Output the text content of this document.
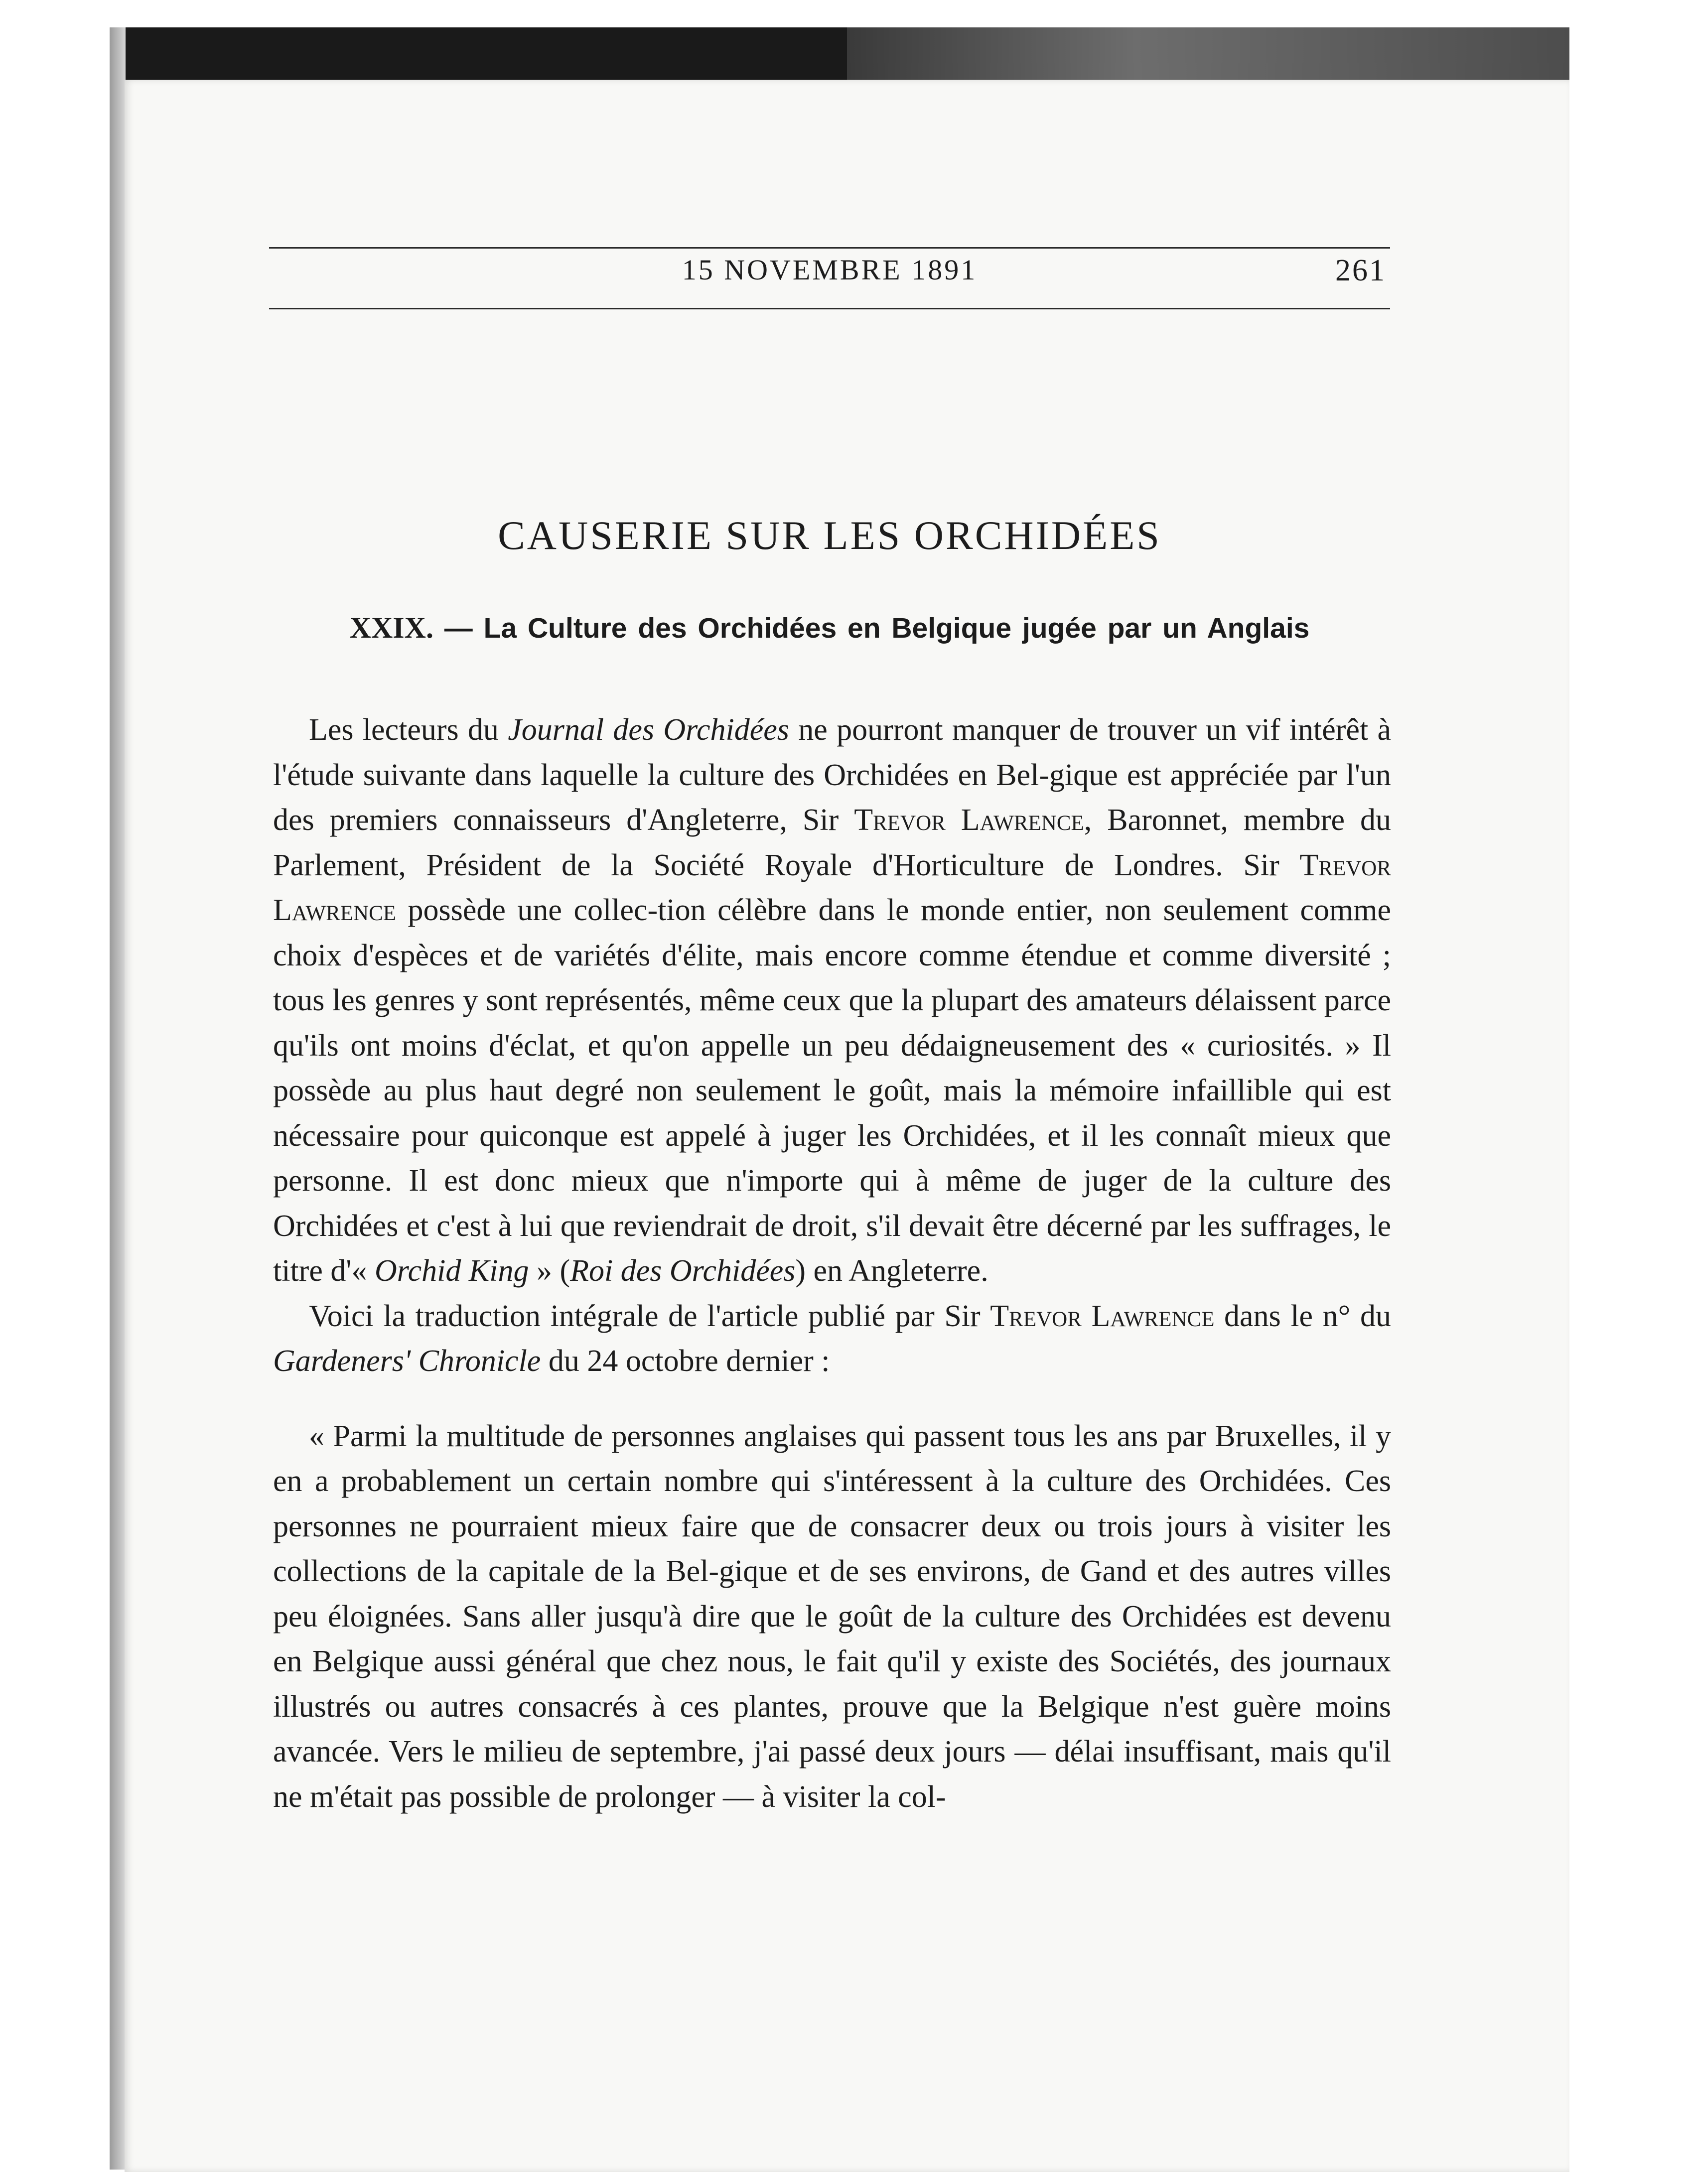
15 NOVEMBRE 1891	261
CAUSERIE SUR LES ORCHIDÉES
XXIX. — La Culture des Orchidées en Belgique jugée par un Anglais

Les lecteurs du Journal des Orchidées ne pourront manquer de trouver un vif intérêt à l'étude suivante dans laquelle la culture des Orchidées en Bel-gique est appréciée par l'un des premiers connaisseurs d'Angleterre, Sir Trevor Lawrence, Baronnet, membre du Parlement, Président de la Société Royale d'Horticulture de Londres. Sir Trevor Lawrence possède une collec-tion célèbre dans le monde entier, non seulement comme choix d'espèces et de variétés d'élite, mais encore comme étendue et comme diversité ; tous les genres y sont représentés, même ceux que la plupart des amateurs délaissent parce qu'ils ont moins d'éclat, et qu'on appelle un peu dédaigneusement des « curiosités. » Il possède au plus haut degré non seulement le goût, mais la mémoire infaillible qui est nécessaire pour quiconque est appelé à juger les Orchidées, et il les connaît mieux que personne. Il est donc mieux que n'importe qui à même de juger de la culture des Orchidées et c'est à lui que reviendrait de droit, s'il devait être décerné par les suffrages, le titre d'« Orchid King » (Roi des Orchidées) en Angleterre.

Voici la traduction intégrale de l'article publié par Sir Trevor Lawrence dans le n° du Gardeners' Chronicle du 24 octobre dernier :

« Parmi la multitude de personnes anglaises qui passent tous les ans par Bruxelles, il y en a probablement un certain nombre qui s'intéressent à la culture des Orchidées. Ces personnes ne pourraient mieux faire que de consacrer deux ou trois jours à visiter les collections de la capitale de la Bel-gique et de ses environs, de Gand et des autres villes peu éloignées. Sans aller jusqu'à dire que le goût de la culture des Orchidées est devenu en Belgique aussi général que chez nous, le fait qu'il y existe des Sociétés, des journaux illustrés ou autres consacrés à ces plantes, prouve que la Belgique n'est guère moins avancée. Vers le milieu de septembre, j'ai passé deux jours — délai insuffisant, mais qu'il ne m'était pas possible de prolonger — à visiter la col-
